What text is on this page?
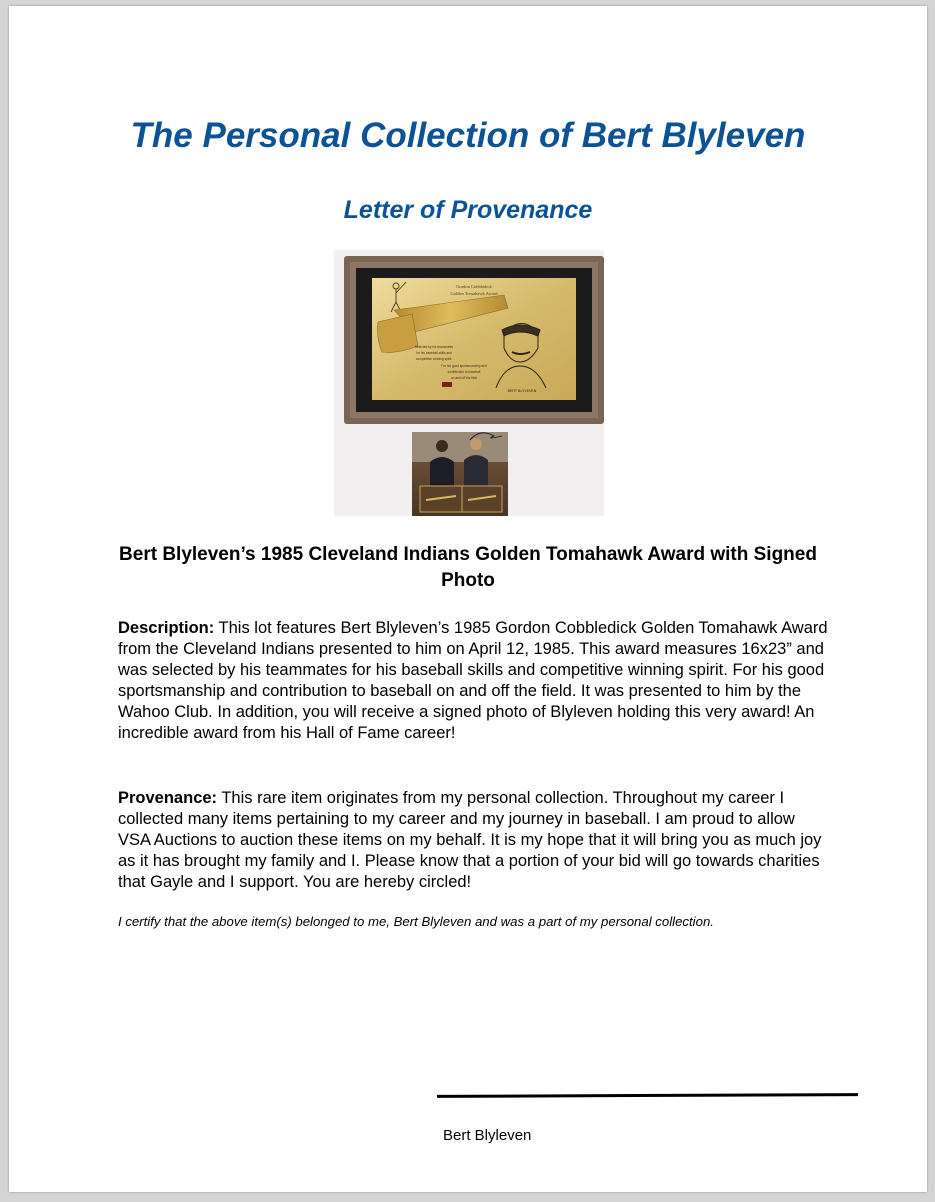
The Personal Collection of Bert Blyleven
Letter of Provenance
Gordon Cobbledick
Golden Tomahawk Award
Selected by his teammates
for his baseball skills and
competitive winning spirit.
For his good sportsmanship and
contribution to baseball
on and off the field
BERT BLYLEVEN
Bert Blyleven’s 1985 Cleveland Indians Golden Tomahawk Award with Signed Photo

Description: This lot features Bert Blyleven’s 1985 Gordon Cobbledick Golden Tomahawk Award from the Cleveland Indians presented to him on April 12, 1985. This award measures 16x23” and was selected by his teammates for his baseball skills and competitive winning spirit. For his good sportsmanship and contribution to baseball on and off the field. It was presented to him by the Wahoo Club. In addition, you will receive a signed photo of Blyleven holding this very award! An incredible award from his Hall of Fame career!

Provenance: This rare item originates from my personal collection. Throughout my career I collected many items pertaining to my career and my journey in baseball. I am proud to allow VSA Auctions to auction these items on my behalf. It is my hope that it will bring you as much joy as it has brought my family and I. Please know that a portion of your bid will go towards charities that Gayle and I support. You are hereby circled!

I certify that the above item(s) belonged to me, Bert Blyleven and was a part of my personal collection.

Bert Blyleven
